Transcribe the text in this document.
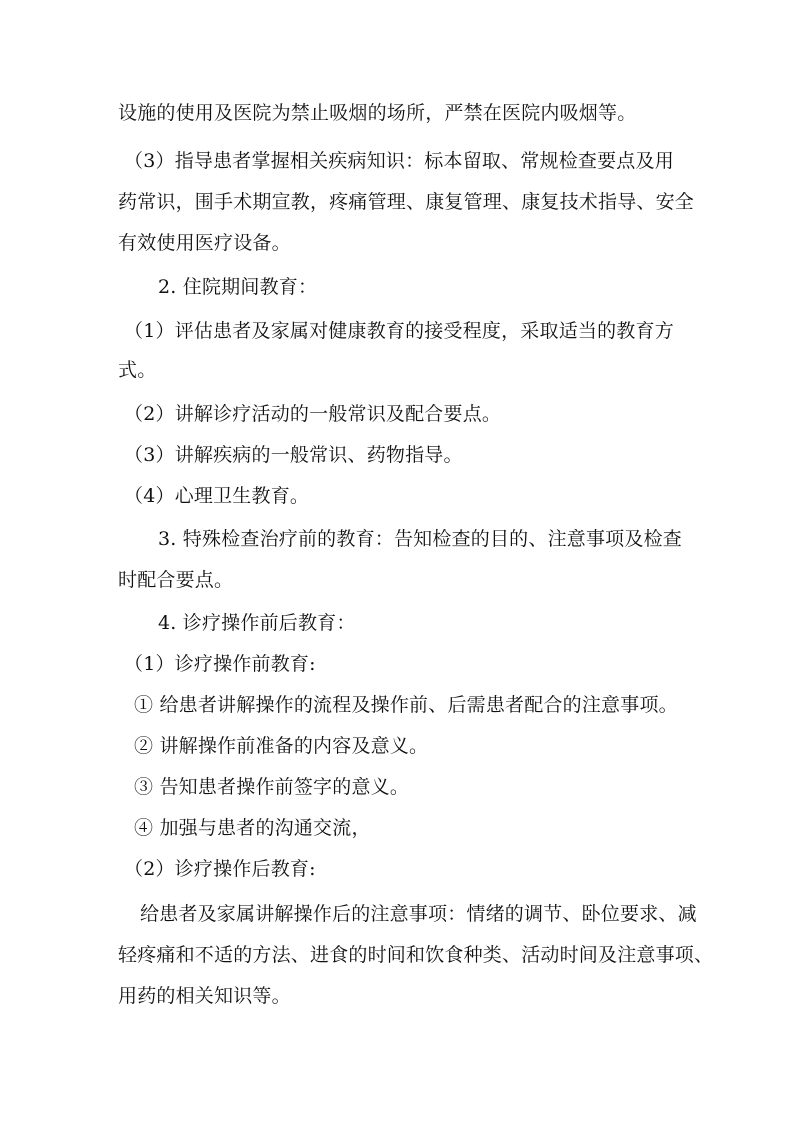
设施的使用及医院为禁止吸烟的场所，严禁在医院内吸烟等。
（3）指导患者掌握相关疾病知识：标本留取、常规检查要点及用
药常识，围手术期宣教，疼痛管理、康复管理、康复技术指导、安全
有效使用医疗设备。
2. 住院期间教育：
（1）评估患者及家属对健康教育的接受程度，采取适当的教育方
式。
（2）讲解诊疗活动的一般常识及配合要点。
（3）讲解疾病的一般常识、药物指导。
（4）心理卫生教育。
3. 特殊检查治疗前的教育：告知检查的目的、注意事项及检查
时配合要点。
4. 诊疗操作前后教育：
（1）诊疗操作前教育:
① 给患者讲解操作的流程及操作前、后需患者配合的注意事项。
② 讲解操作前准备的内容及意义。
③ 告知患者操作前签字的意义。
④ 加强与患者的沟通交流，
（2）诊疗操作后教育:
给患者及家属讲解操作后的注意事项：情绪的调节、卧位要求、减
轻疼痛和不适的方法、进食的时间和饮食种类、活动时间及注意事项、
用药的相关知识等。
